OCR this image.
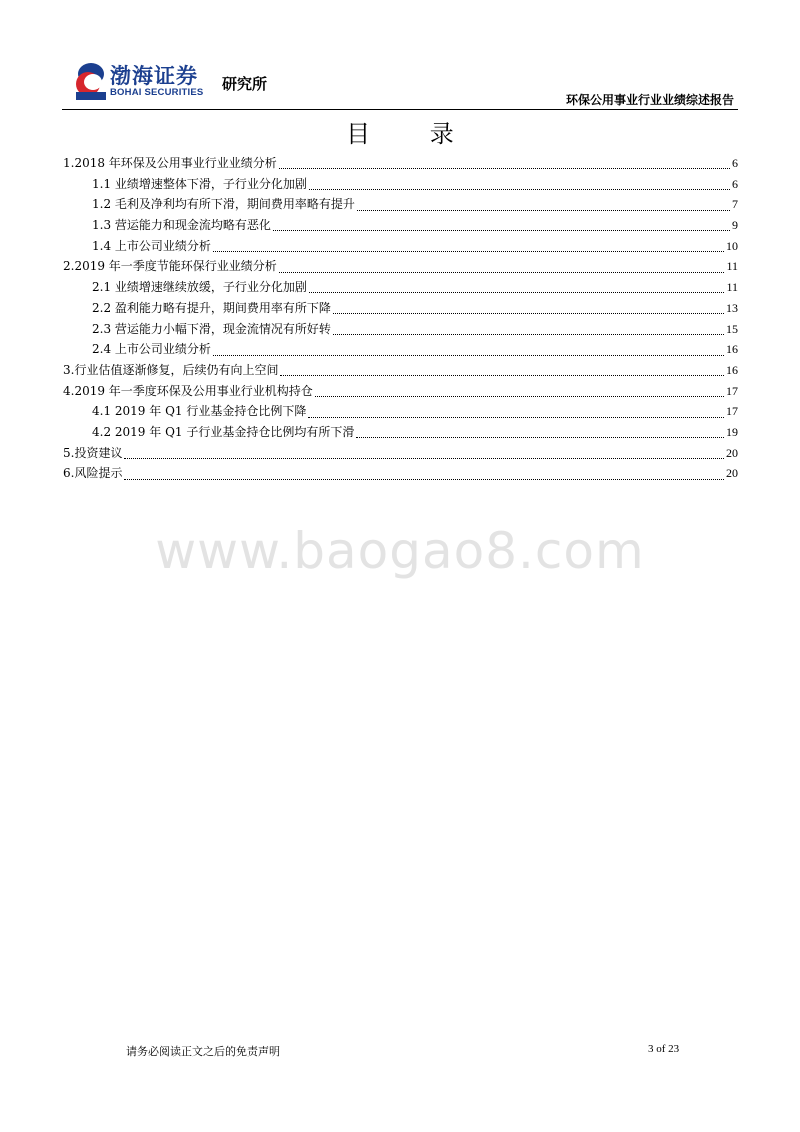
渤海证券
BOHAI SECURITIES 研究所
环保公用事业行业业绩综述报告
目 录
1.2018 年环保及公用事业行业业绩分析	6
1.1 业绩增速整体下滑，子行业分化加剧	6
1.2 毛利及净利均有所下滑，期间费用率略有提升	7
1.3 营运能力和现金流均略有恶化	9
1.4 上市公司业绩分析	10
2.2019 年一季度节能环保行业业绩分析	11
2.1 业绩增速继续放缓，子行业分化加剧	11
2.2 盈利能力略有提升，期间费用率有所下降	13
2.3 营运能力小幅下滑，现金流情况有所好转	15
2.4 上市公司业绩分析	16
3.行业估值逐渐修复，后续仍有向上空间	16
4.2019 年一季度环保及公用事业行业机构持仓	17
4.1 2019 年 Q1 行业基金持仓比例下降	17
4.2 2019 年 Q1 子行业基金持仓比例均有所下滑	19
5.投资建议	20
6.风险提示	20
www.baogao8.com
请务必阅读正文之后的免责声明	3 of 23
